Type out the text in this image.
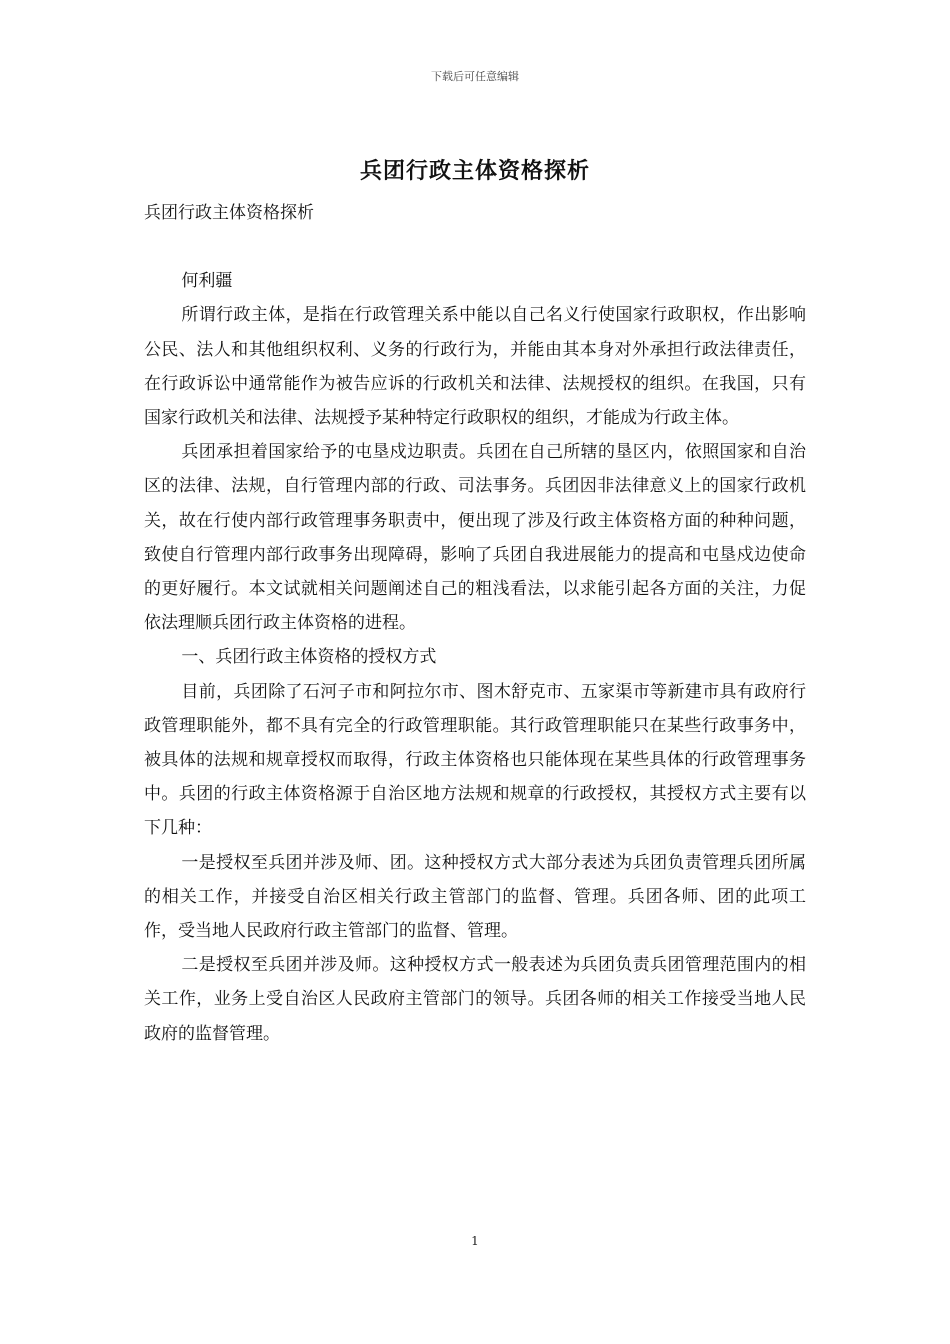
下载后可任意编辑
兵团行政主体资格探析

兵团行政主体资格探析

何利疆

所谓行政主体，是指在行政管理关系中能以自己名义行使国家行政职权，作出影响公民、法人和其他组织权利、义务的行政行为，并能由其本身对外承担行政法律责任，在行政诉讼中通常能作为被告应诉的行政机关和法律、法规授权的组织。在我国，只有国家行政机关和法律、法规授予某种特定行政职权的组织，才能成为行政主体。

兵团承担着国家给予的屯垦戍边职责。兵团在自己所辖的垦区内，依照国家和自治区的法律、法规，自行管理内部的行政、司法事务。兵团因非法律意义上的国家行政机关，故在行使内部行政管理事务职责中，便出现了涉及行政主体资格方面的种种问题，致使自行管理内部行政事务出现障碍，影响了兵团自我进展能力的提高和屯垦戍边使命的更好履行。本文试就相关问题阐述自己的粗浅看法，以求能引起各方面的关注，力促依法理顺兵团行政主体资格的进程。

一、兵团行政主体资格的授权方式

目前，兵团除了石河子市和阿拉尔市、图木舒克市、五家渠市等新建市具有政府行政管理职能外，都不具有完全的行政管理职能。其行政管理职能只在某些行政事务中，被具体的法规和规章授权而取得，行政主体资格也只能体现在某些具体的行政管理事务中。兵团的行政主体资格源于自治区地方法规和规章的行政授权，其授权方式主要有以下几种：

一是授权至兵团并涉及师、团。这种授权方式大部分表述为兵团负责管理兵团所属的相关工作，并接受自治区相关行政主管部门的监督、管理。兵团各师、团的此项工作，受当地人民政府行政主管部门的监督、管理。

二是授权至兵团并涉及师。这种授权方式一般表述为兵团负责兵团管理范围内的相关工作，业务上受自治区人民政府主管部门的领导。兵团各师的相关工作接受当地人民政府的监督管理。

1
